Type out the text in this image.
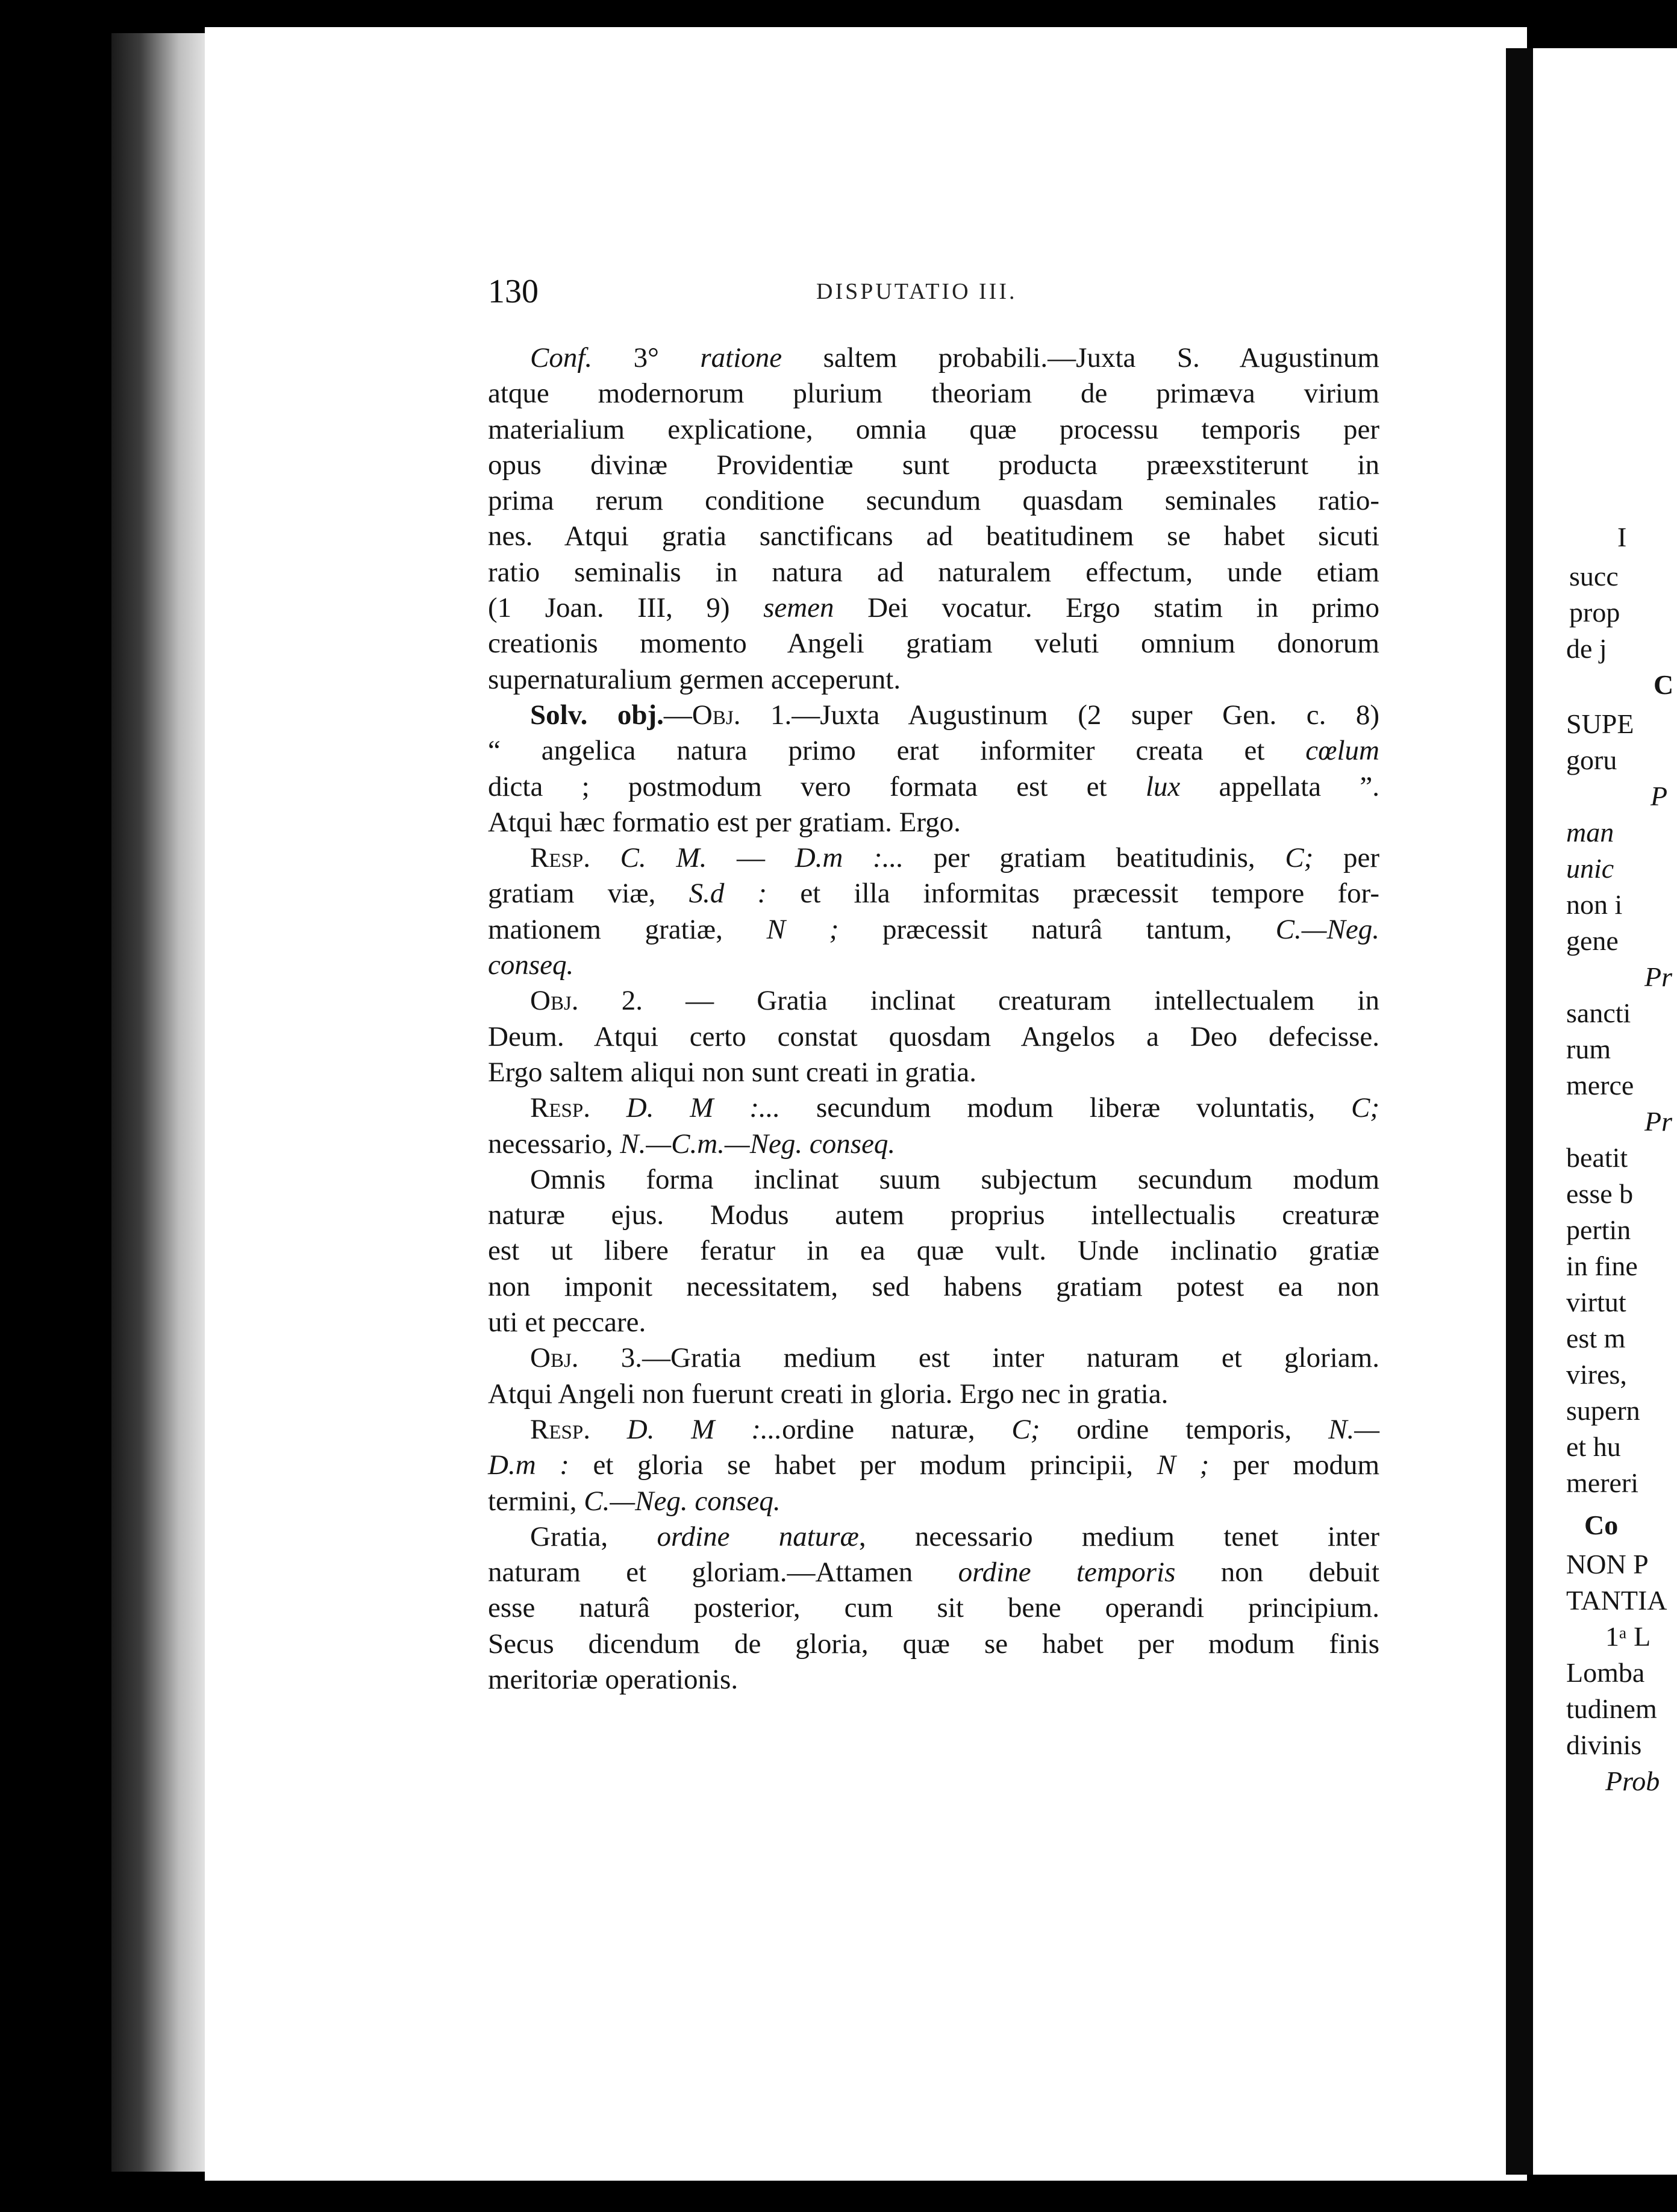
I
succ
prop
de j
C
SUPE
goru
P
man
unic
non i
gene
Pr
sancti
rum
merce
Pr
beatit
esse b
pertin
in fine
virtut
est m
vires,
supern
et hu
mereri
Co
NON P
TANTIA
1ᵃ L
Lomba
tudinem
divinis
Prob
130	DISPUTATIO III.
Conf. 3° ratione saltem probabili.—Juxta S. Augustinum
atque modernorum plurium theoriam de primæva virium
materialium explicatione, omnia quæ processu temporis per
opus divinæ Providentiæ sunt producta præexstiterunt in
prima rerum conditione secundum quasdam seminales ratio-
nes. Atqui gratia sanctificans ad beatitudinem se habet sicuti
ratio seminalis in natura ad naturalem effectum, unde etiam
(1 Joan. III, 9) semen Dei vocatur. Ergo statim in primo
creationis momento Angeli gratiam veluti omnium donorum
supernaturalium germen acceperunt.
Solv. obj.—Obj. 1.—Juxta Augustinum (2 super Gen. c. 8)
“ angelica natura primo erat informiter creata et cœlum
dicta ; postmodum vero formata est et lux appellata ”.
Atqui hæc formatio est per gratiam. Ergo.
Resp. C. M. — D.m :... per gratiam beatitudinis, C; per
gratiam viæ, S.d : et illa informitas præcessit tempore for-
mationem gratiæ, N ; præcessit naturâ tantum, C.—Neg.
conseq.
Obj. 2. — Gratia inclinat creaturam intellectualem in
Deum. Atqui certo constat quosdam Angelos a Deo defecisse.
Ergo saltem aliqui non sunt creati in gratia.
Resp. D. M :... secundum modum liberæ voluntatis, C;
necessario, N.—C.m.—Neg. conseq.
Omnis forma inclinat suum subjectum secundum modum
naturæ ejus. Modus autem proprius intellectualis creaturæ
est ut libere feratur in ea quæ vult. Unde inclinatio gratiæ
non imponit necessitatem, sed habens gratiam potest ea non
uti et peccare.
Obj. 3.—Gratia medium est inter naturam et gloriam.
Atqui Angeli non fuerunt creati in gloria. Ergo nec in gratia.
Resp. D. M :...ordine naturæ, C; ordine temporis, N.—
D.m : et gloria se habet per modum principii, N ; per modum
termini, C.—Neg. conseq.
Gratia, ordine naturæ, necessario medium tenet inter
naturam et gloriam.—Attamen ordine temporis non debuit
esse naturâ posterior, cum sit bene operandi principium.
Secus dicendum de gloria, quæ se habet per modum finis
meritoriæ operationis.
